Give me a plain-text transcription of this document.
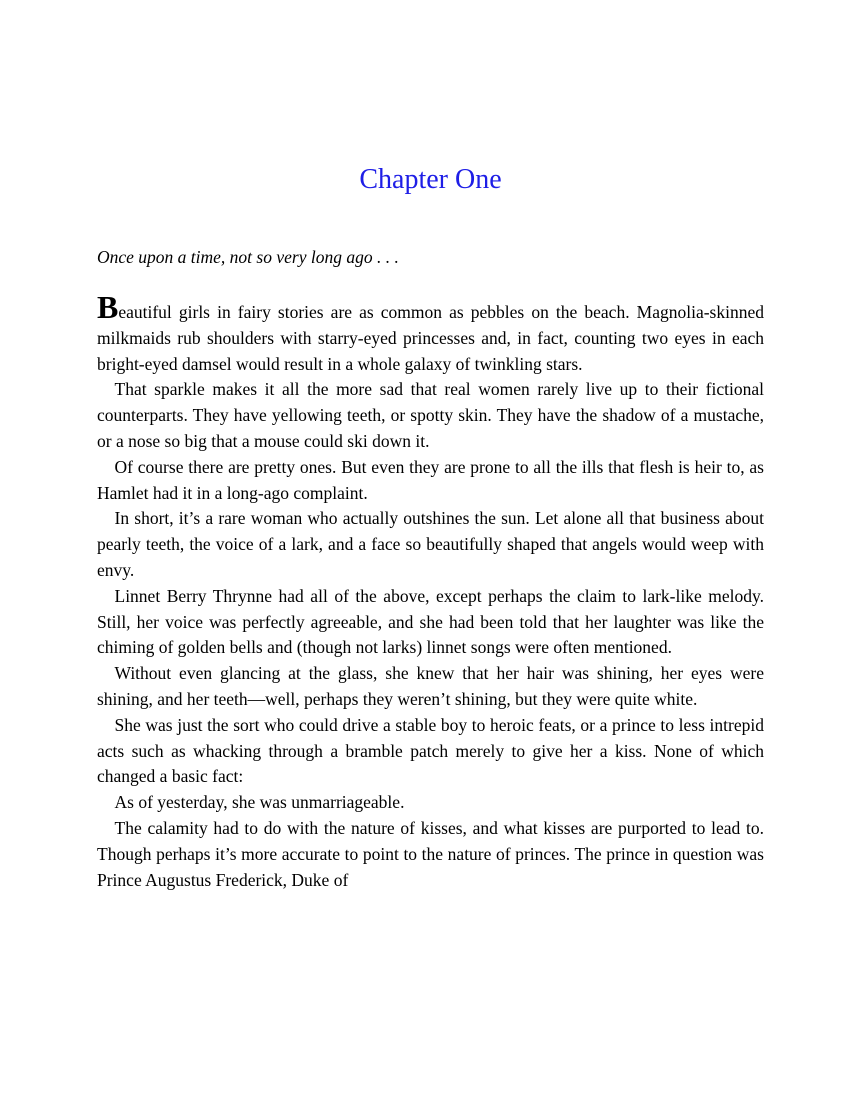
Chapter One
Once upon a time, not so very long ago . . .

Beautiful girls in fairy stories are as common as pebbles on the beach. Magnolia-skinned milkmaids rub shoulders with starry-eyed princesses and, in fact, counting two eyes in each bright-eyed damsel would result in a whole galaxy of twinkling stars.

That sparkle makes it all the more sad that real women rarely live up to their fictional counterparts. They have yellowing teeth, or spotty skin. They have the shadow of a mustache, or a nose so big that a mouse could ski down it.

Of course there are pretty ones. But even they are prone to all the ills that flesh is heir to, as Hamlet had it in a long-ago complaint.

In short, it’s a rare woman who actually outshines the sun. Let alone all that business about pearly teeth, the voice of a lark, and a face so beautifully shaped that angels would weep with envy.

Linnet Berry Thrynne had all of the above, except perhaps the claim to lark-like melody. Still, her voice was perfectly agreeable, and she had been told that her laughter was like the chiming of golden bells and (though not larks) linnet songs were often mentioned.

Without even glancing at the glass, she knew that her hair was shining, her eyes were shining, and her teeth—well, perhaps they weren’t shining, but they were quite white.

She was just the sort who could drive a stable boy to heroic feats, or a prince to less intrepid acts such as whacking through a bramble patch merely to give her a kiss. None of which changed a basic fact:

As of yesterday, she was unmarriageable.

The calamity had to do with the nature of kisses, and what kisses are purported to lead to. Though perhaps it’s more accurate to point to the nature of princes. The prince in question was Prince Augustus Frederick, Duke of
